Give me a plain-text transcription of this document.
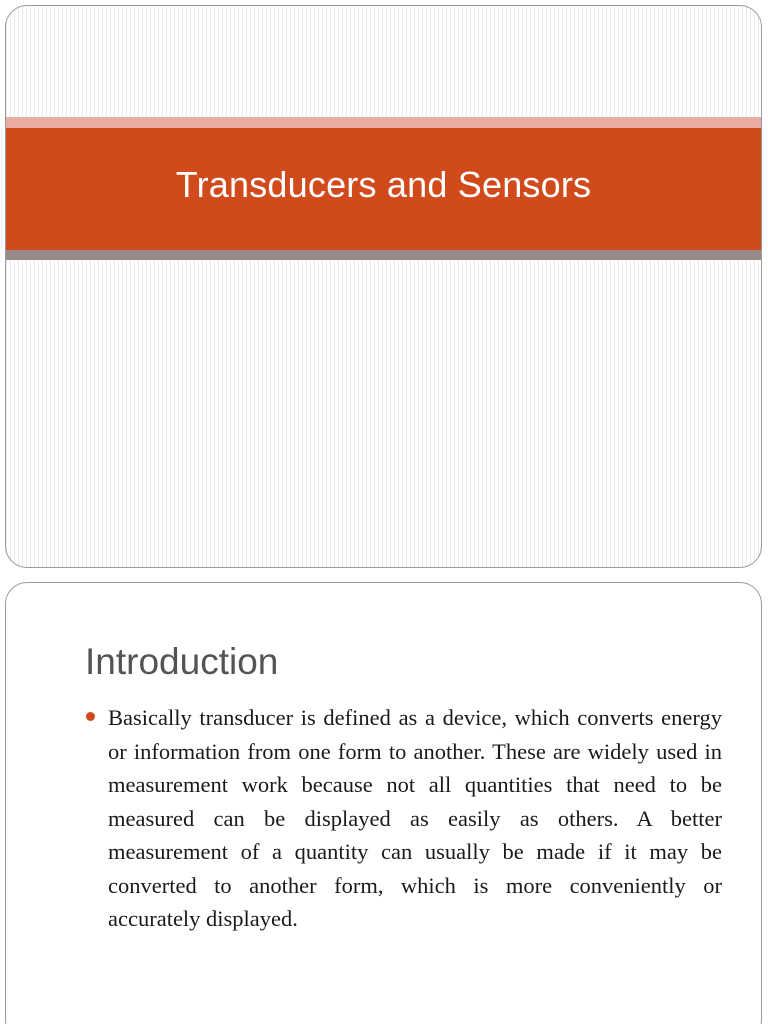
Transducers and Sensors
Introduction
Basically transducer is defined as a device, which converts energy or information from one form to another. These are widely used in measurement work because not all quantities that need to be measured can be displayed as easily as others. A better measurement of a quantity can usually be made if it may be converted to another form, which is more conveniently or accurately displayed.
